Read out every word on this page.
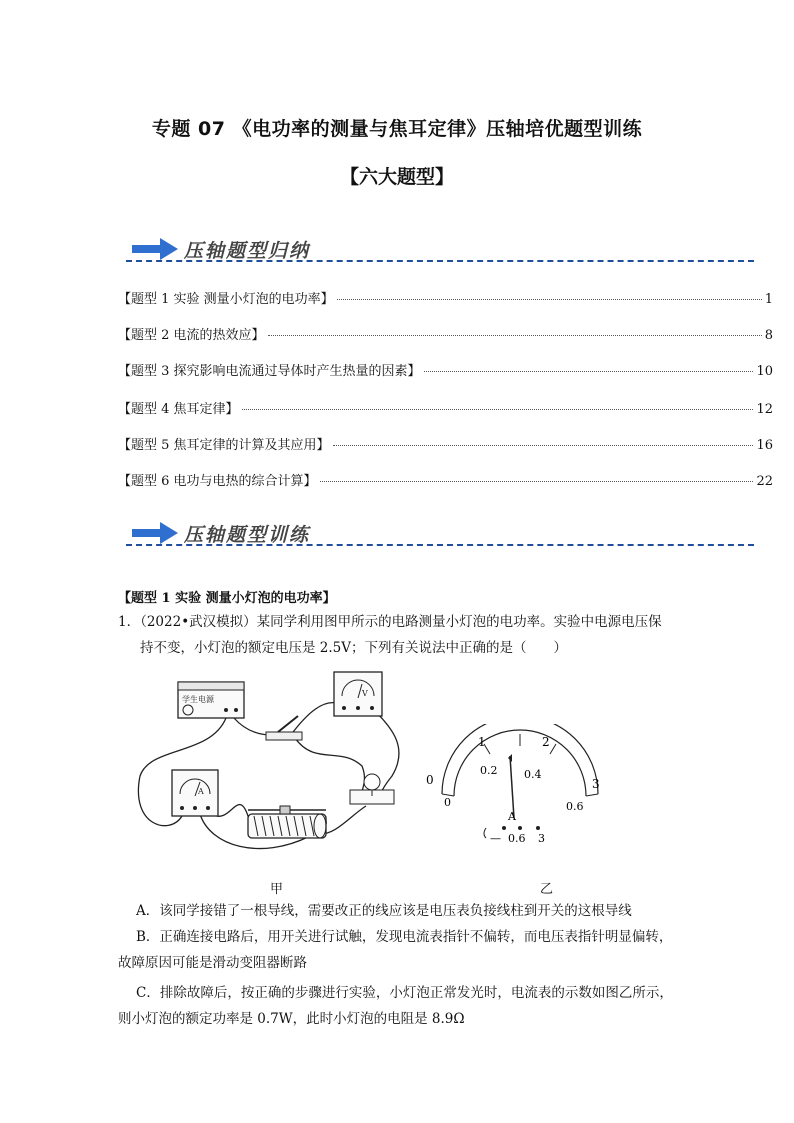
专题 07 《电功率的测量与焦耳定律》压轴培优题型训练
【六大题型】
压轴题型归纳
【题型 1 实验 测量小灯泡的电功率】	1
【题型 2 电流的热效应】	8
【题型 3 探究影响电流通过导体时产生热量的因素】	10
【题型 4 焦耳定律】	12
【题型 5 焦耳定律的计算及其应用】	16
【题型 6 电功与电热的综合计算】	22
压轴题型训练
【题型 1 实验 测量小灯泡的电功率】
1．（2022•武汉模拟）某同学利用图甲所示的电路测量小灯泡的电功率。实验中电源电压保
持不变，小灯泡的额定电压是 2.5V；下列有关说法中正确的是（　　）
学生电源
V
A
甲
0
1	2
3
0
0.2 0.4
0.6
A
— 0.6 3
乙
A．该同学接错了一根导线，需要改正的线应该是电压表负接线柱到开关的这根导线
B．正确连接电路后，用开关进行试触，发现电流表指针不偏转，而电压表指针明显偏转，
故障原因可能是滑动变阻器断路
C．排除故障后，按正确的步骤进行实验，小灯泡正常发光时，电流表的示数如图乙所示，
则小灯泡的额定功率是 0.7W，此时小灯泡的电阻是 8.9Ω
